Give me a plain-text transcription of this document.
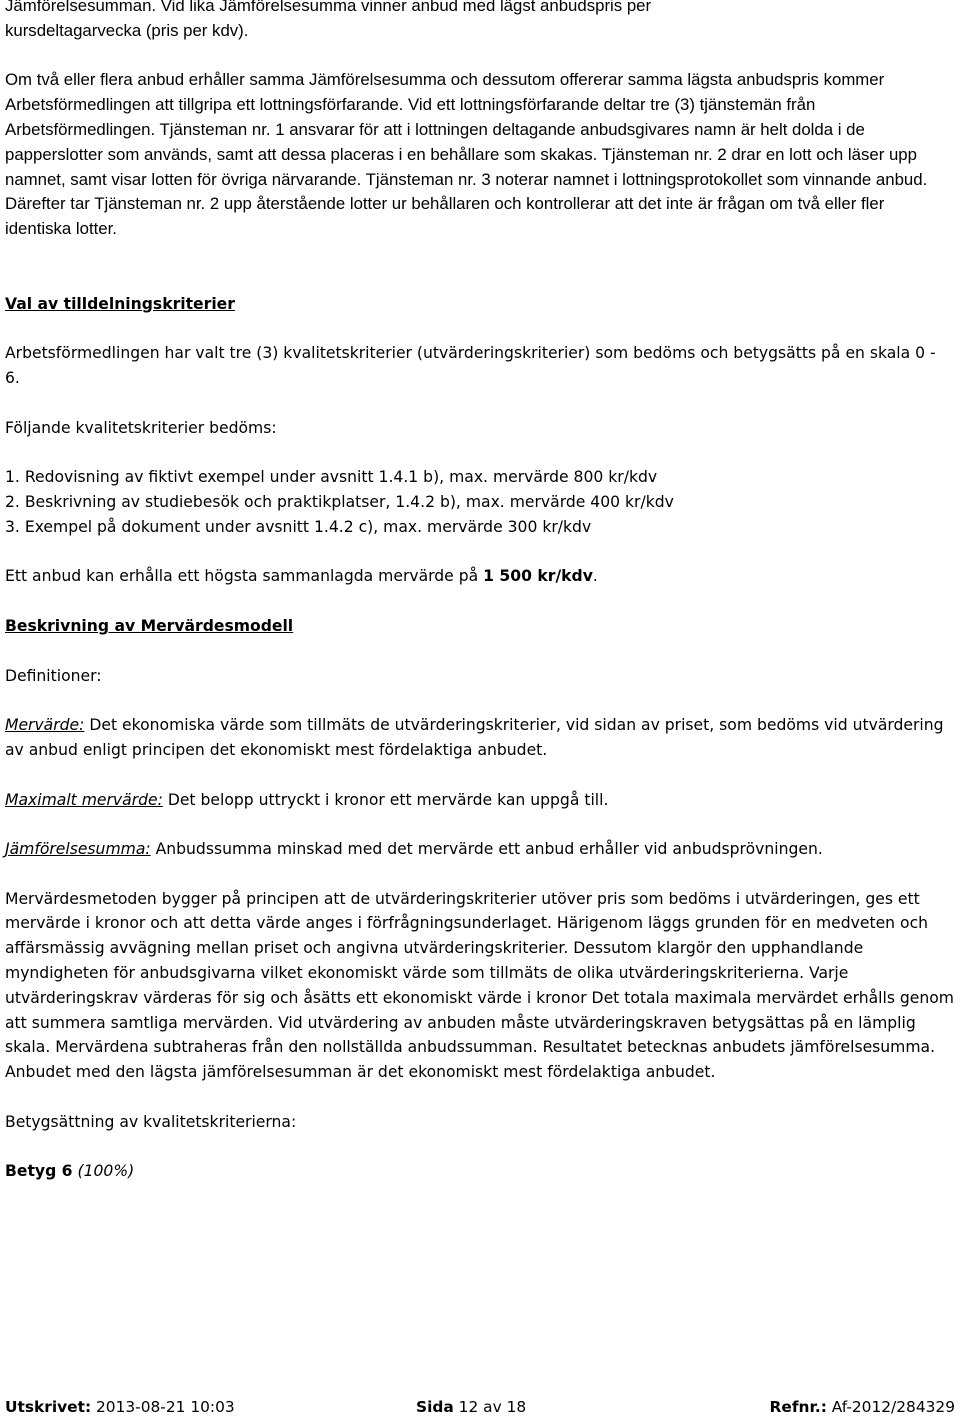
Jämförelsesumman. Vid lika Jämförelsesumma vinner anbud med lägst anbudspris per

kursdeltagarvecka (pris per kdv).

Om två eller flera anbud erhåller samma Jämförelsesumma och dessutom offererar samma lägsta anbudspris kommer Arbetsförmedlingen att tillgripa ett lottningsförfarande. Vid ett lottningsförfarande deltar tre (3) tjänstemän från Arbetsförmedlingen. Tjänsteman nr. 1 ansvarar för att i lottningen deltagande anbudsgivares namn är helt dolda i de papperslotter som används, samt att dessa placeras i en behållare som skakas. Tjänsteman nr. 2 drar en lott och läser upp namnet, samt visar lotten för övriga närvarande. Tjänsteman nr. 3 noterar namnet i lottningsprotokollet som vinnande anbud. Därefter tar Tjänsteman nr. 2 upp återstående lotter ur behållaren och kontrollerar att det inte är frågan om två eller fler identiska lotter.

Val av tilldelningskriterier

Arbetsförmedlingen har valt tre (3) kvalitetskriterier (utvärderingskriterier) som bedöms och betygsätts på en skala 0 - 6.

Följande kvalitetskriterier bedöms:

1. Redovisning av fiktivt exempel under avsnitt 1.4.1 b), max. mervärde 800 kr/kdv

2. Beskrivning av studiebesök och praktikplatser, 1.4.2 b), max. mervärde 400 kr/kdv

3. Exempel på dokument under avsnitt 1.4.2 c), max. mervärde 300 kr/kdv

Ett anbud kan erhålla ett högsta sammanlagda mervärde på 1 500 kr/kdv.

Beskrivning av Mervärdesmodell

Definitioner:

Mervärde: Det ekonomiska värde som tillmäts de utvärderingskriterier, vid sidan av priset, som bedöms vid utvärdering av anbud enligt principen det ekonomiskt mest fördelaktiga anbudet.

Maximalt mervärde: Det belopp uttryckt i kronor ett mervärde kan uppgå till.

Jämförelsesumma: Anbudssumma minskad med det mervärde ett anbud erhåller vid anbudsprövningen.

Mervärdesmetoden bygger på principen att de utvärderingskriterier utöver pris som bedöms i utvärderingen, ges ett mervärde i kronor och att detta värde anges i förfrågningsunderlaget. Härigenom läggs grunden för en medveten och affärsmässig avvägning mellan priset och angivna utvärderingskriterier. Dessutom klargör den upphandlande myndigheten för anbudsgivarna vilket ekonomiskt värde som tillmäts de olika utvärderingskriterierna. Varje utvärderingskrav värderas för sig och åsätts ett ekonomiskt värde i kronor Det totala maximala mervärdet erhålls genom att summera samtliga mervärden. Vid utvärdering av anbuden måste utvärderingskraven betygsättas på en lämplig skala. Mervärdena subtraheras från den nollställda anbudssumman. Resultatet betecknas anbudets jämförelsesumma. Anbudet med den lägsta jämförelsesumman är det ekonomiskt mest fördelaktiga anbudet.

Betygsättning av kvalitetskriterierna:

Betyg 6 (100%)

Utskrivet: 2013-08-21 10:03	Sida 12 av 18	Refnr.: Af-2012/284329
